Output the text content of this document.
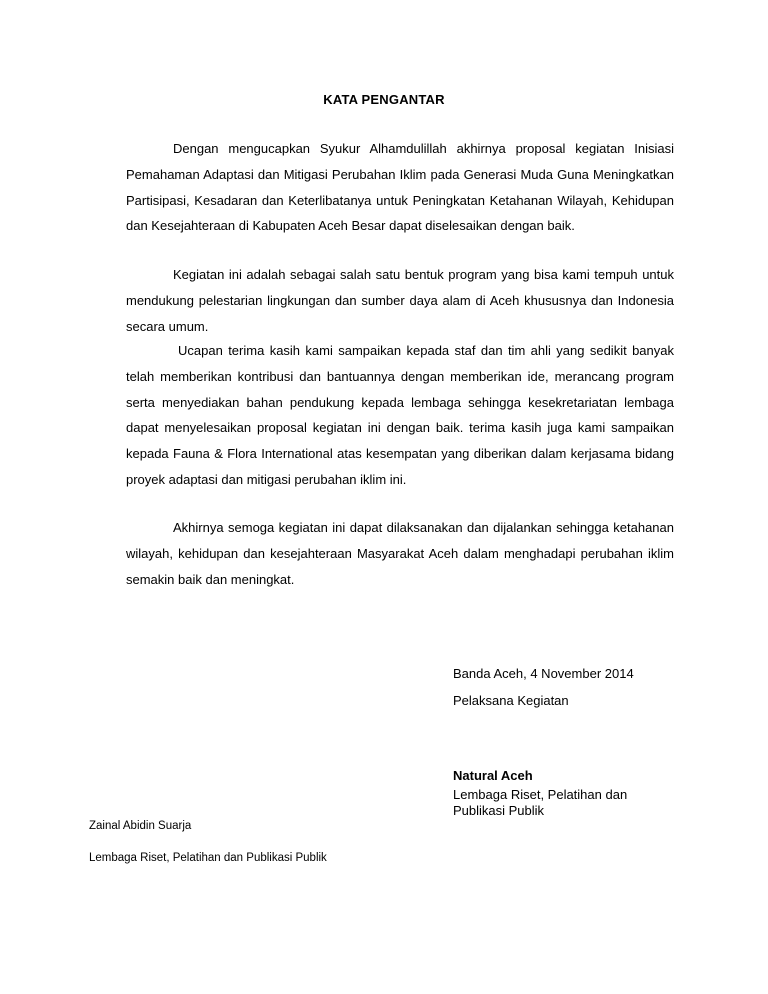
KATA PENGANTAR

Dengan mengucapkan Syukur Alhamdulillah akhirnya proposal kegiatan Inisiasi Pemahaman Adaptasi dan Mitigasi Perubahan Iklim pada Generasi Muda Guna Meningkatkan Partisipasi, Kesadaran dan Keterlibatanya untuk Peningkatan Ketahanan Wilayah, Kehidupan dan Kesejahteraan di Kabupaten Aceh Besar dapat diselesaikan dengan baik.

Kegiatan ini adalah sebagai salah satu bentuk program yang bisa kami tempuh untuk mendukung pelestarian lingkungan dan sumber daya alam di Aceh khususnya dan Indonesia secara umum.

Ucapan terima kasih kami sampaikan kepada staf dan tim ahli yang sedikit banyak telah memberikan kontribusi dan bantuannya dengan memberikan ide, merancang program serta menyediakan bahan pendukung kepada lembaga sehingga kesekretariatan lembaga dapat menyelesaikan proposal kegiatan ini dengan baik. terima kasih juga kami sampaikan kepada Fauna & Flora International atas kesempatan yang diberikan dalam kerjasama bidang proyek adaptasi dan mitigasi perubahan iklim ini.

Akhirnya semoga kegiatan ini dapat dilaksanakan dan dijalankan sehingga ketahanan wilayah, kehidupan dan kesejahteraan Masyarakat Aceh dalam menghadapi perubahan iklim semakin baik dan meningkat.

Banda Aceh, 4 November 2014
Pelaksana Kegiatan
Natural Aceh
Lembaga Riset, Pelatihan dan Publikasi Publik
Zainal Abidin Suarja
Lembaga Riset, Pelatihan dan Publikasi Publik
